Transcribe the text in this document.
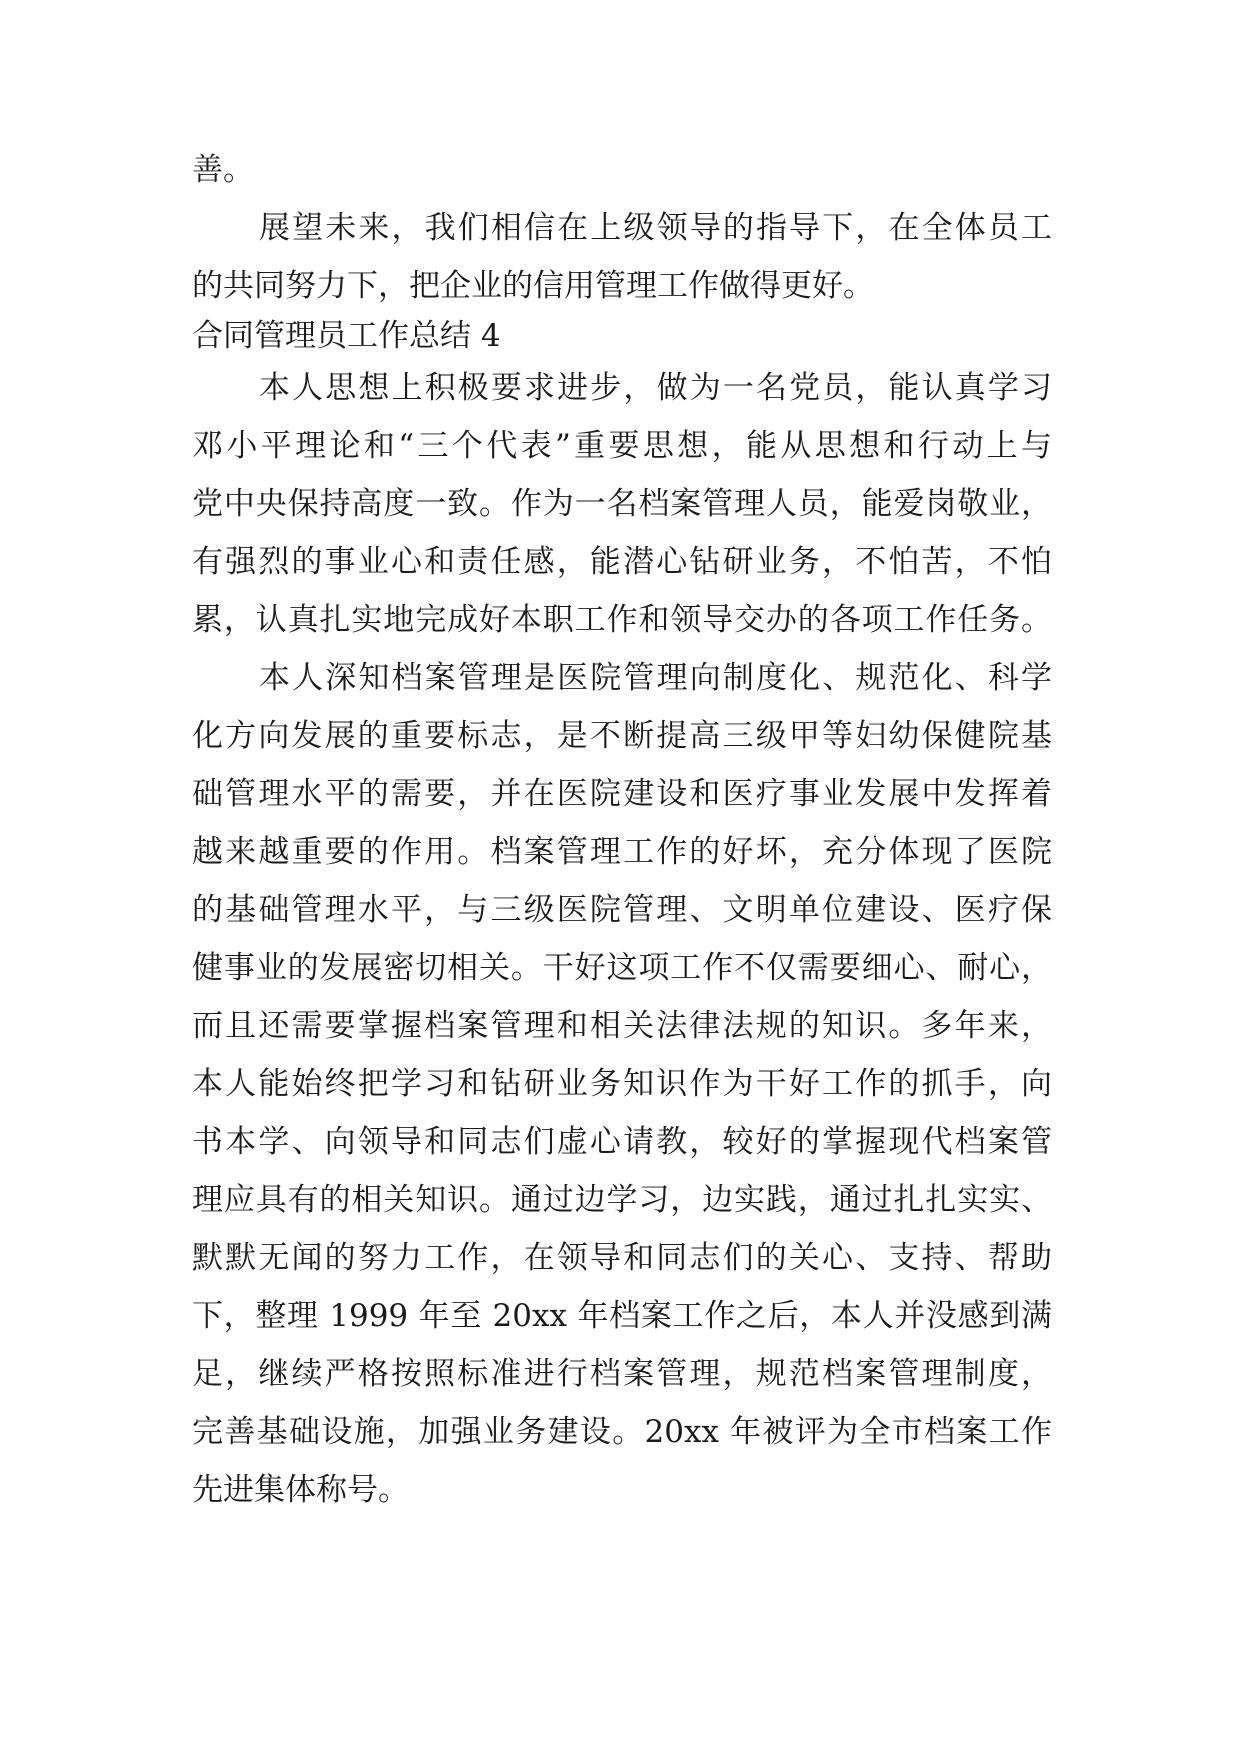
善。
展望未来，我们相信在上级领导的指导下，在全体员工
的共同努力下，把企业的信用管理工作做得更好。
合同管理员工作总结 4
本人思想上积极要求进步，做为一名党员，能认真学习
邓小平理论和“三个代表”重要思想，能从思想和行动上与
党中央保持高度一致。作为一名档案管理人员，能爱岗敬业，
有强烈的事业心和责任感，能潜心钻研业务，不怕苦，不怕
累，认真扎实地完成好本职工作和领导交办的各项工作任务。
本人深知档案管理是医院管理向制度化、规范化、科学
化方向发展的重要标志，是不断提高三级甲等妇幼保健院基
础管理水平的需要，并在医院建设和医疗事业发展中发挥着
越来越重要的作用。档案管理工作的好坏，充分体现了医院
的基础管理水平，与三级医院管理、文明单位建设、医疗保
健事业的发展密切相关。干好这项工作不仅需要细心、耐心，
而且还需要掌握档案管理和相关法律法规的知识。多年来，
本人能始终把学习和钻研业务知识作为干好工作的抓手，向
书本学、向领导和同志们虚心请教，较好的掌握现代档案管
理应具有的相关知识。通过边学习，边实践，通过扎扎实实、
默默无闻的努力工作，在领导和同志们的关心、支持、帮助
下，整理 1999 年至 20xx 年档案工作之后，本人并没感到满
足，继续严格按照标准进行档案管理，规范档案管理制度，
完善基础设施，加强业务建设。20xx 年被评为全市档案工作
先进集体称号。
